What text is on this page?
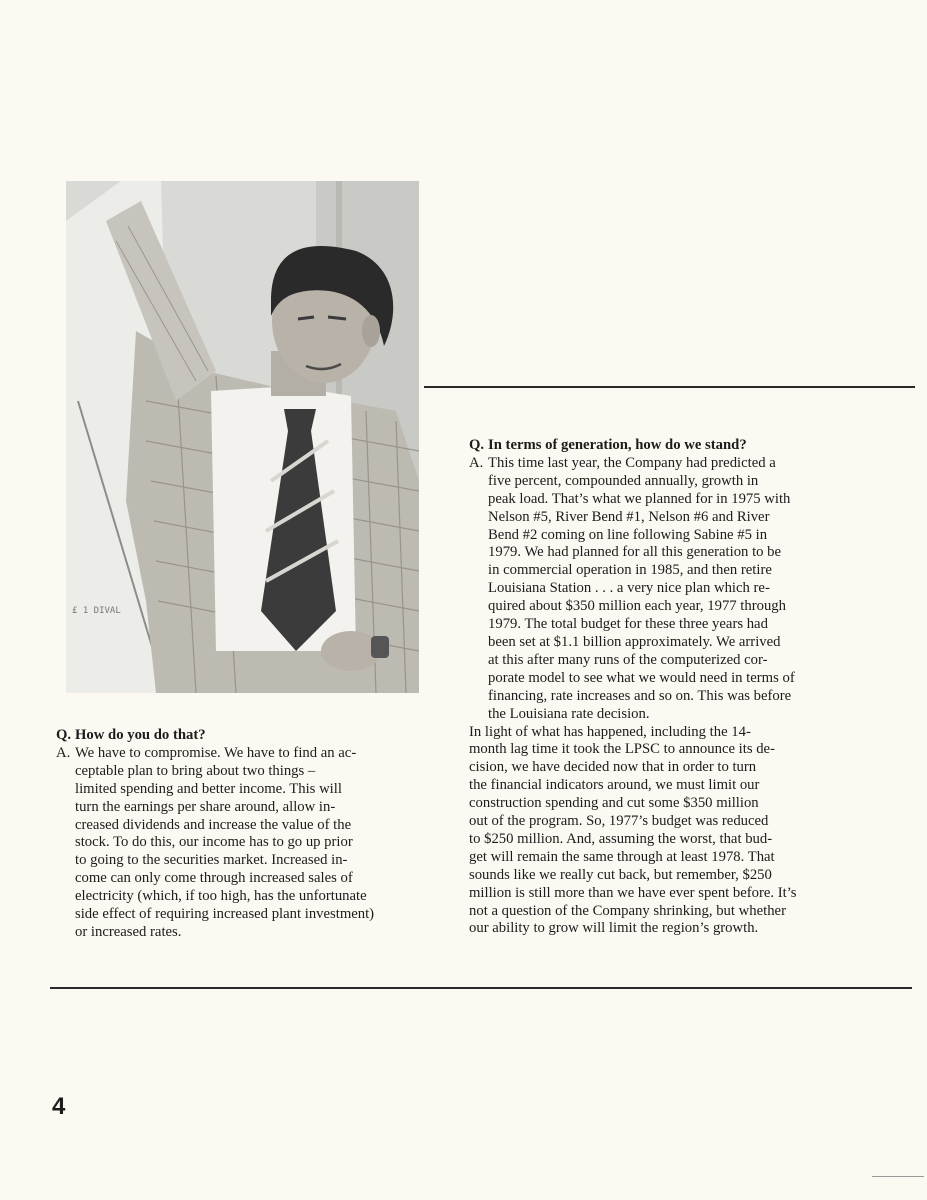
£ 1 DIVAL

Q. In terms of generation, how do we stand?

A. This time last year, the Company had predicted a
five percent, compounded annually, growth in
peak load. That’s what we planned for in 1975 with
Nelson #5, River Bend #1, Nelson #6 and River
Bend #2 coming on line following Sabine #5 in
1979. We had planned for all this generation to be
in commercial operation in 1985, and then retire
Louisiana Station . . . a very nice plan which re-
quired about $350 million each year, 1977 through
1979. The total budget for these three years had
been set at $1.1 billion approximately. We arrived
at this after many runs of the computerized cor-
porate model to see what we would need in terms of
financing, rate increases and so on. This was before
the Louisiana rate decision.
In light of what has happened, including the 14-
month lag time it took the LPSC to announce its de-
cision, we have decided now that in order to turn
the financial indicators around, we must limit our
construction spending and cut some $350 million
out of the program. So, 1977’s budget was reduced
to $250 million. And, assuming the worst, that bud-
get will remain the same through at least 1978. That
sounds like we really cut back, but remember, $250
million is still more than we have ever spent before. It’s
not a question of the Company shrinking, but whether
our ability to grow will limit the region’s growth.

Q. How do you do that?

A. We have to compromise. We have to find an ac-
ceptable plan to bring about two things –
limited spending and better income. This will
turn the earnings per share around, allow in-
creased dividends and increase the value of the
stock. To do this, our income has to go up prior
to going to the securities market. Increased in-
come can only come through increased sales of
electricity (which, if too high, has the unfortunate
side effect of requiring increased plant investment)
or increased rates.
4
